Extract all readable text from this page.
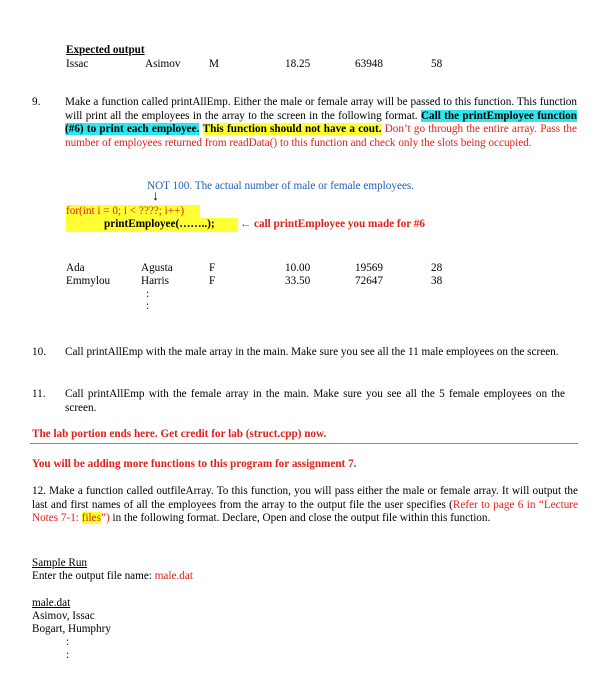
Expected output
Issac	Asimov	M	18.25	63948	58
9. Make a function called printAllEmp. Either the male or female array will be passed to this function. This function will print all the employees in the array to the screen in the following format. Call the printEmployee function (#6) to print each employee. This function should not have a cout. Don’t go through the entire array. Pass the number of employees returned from readData() to this function and check only the slots being occupied.
NOT 100. The actual number of male or female employees.
↓
for(int i = 0; i < ????; i++)
printEmployee(……..);	← call printEmployee you made for #6
Ada	Agusta	F	10.00	19569	28
Emmylou	Harris	F	33.50	72647	38
:
:
10. Call printAllEmp with the male array in the main. Make sure you see all the 11 male employees on the screen.
11. Call printAllEmp with the female array in the main. Make sure you see all the 5 female employees on the screen.
The lab portion ends here. Get credit for lab (struct.cpp) now.
You will be adding more functions to this program for assignment 7.
12. Make a function called outfileArray. To this function, you will pass either the male or female array. It will output the last and first names of all the employees from the array to the output file the user specifies (Refer to page 6 in “Lecture Notes 7-1: files”) in the following format. Declare, Open and close the output file within this function.
Sample Run
Enter the output file name: male.dat
male.dat
Asimov, Issac
Bogart, Humphry
:
:
